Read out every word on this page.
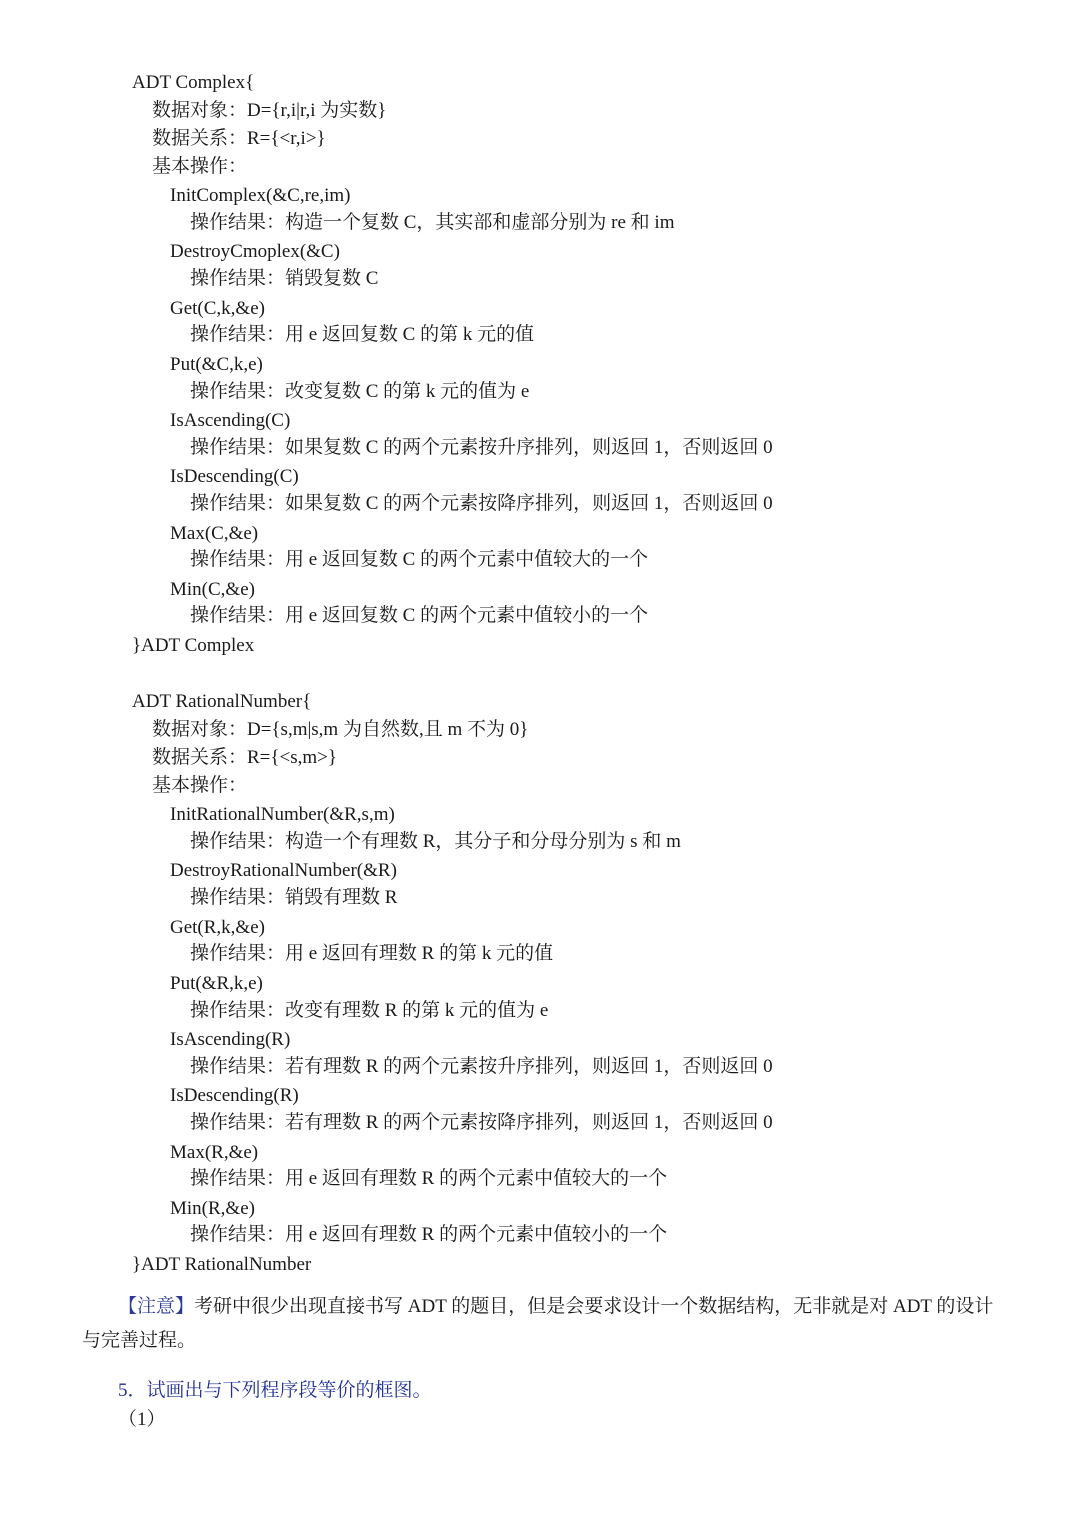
ADT Complex{
数据对象：D={r,i|r,i 为实数}
数据关系：R={<r,i>}
基本操作：
InitComplex(&C,re,im)
操作结果：构造一个复数 C，其实部和虚部分别为 re 和 im
DestroyCmoplex(&C)
操作结果：销毁复数 C
Get(C,k,&e)
操作结果：用 e 返回复数 C 的第 k 元的值
Put(&C,k,e)
操作结果：改变复数 C 的第 k 元的值为 e
IsAscending(C)
操作结果：如果复数 C 的两个元素按升序排列，则返回 1，否则返回 0
IsDescending(C)
操作结果：如果复数 C 的两个元素按降序排列，则返回 1，否则返回 0
Max(C,&e)
操作结果：用 e 返回复数 C 的两个元素中值较大的一个
Min(C,&e)
操作结果：用 e 返回复数 C 的两个元素中值较小的一个
}ADT Complex
ADT RationalNumber{
数据对象：D={s,m|s,m 为自然数,且 m 不为 0}
数据关系：R={<s,m>}
基本操作：
InitRationalNumber(&R,s,m)
操作结果：构造一个有理数 R，其分子和分母分别为 s 和 m
DestroyRationalNumber(&R)
操作结果：销毁有理数 R
Get(R,k,&e)
操作结果：用 e 返回有理数 R 的第 k 元的值
Put(&R,k,e)
操作结果：改变有理数 R 的第 k 元的值为 e
IsAscending(R)
操作结果：若有理数 R 的两个元素按升序排列，则返回 1，否则返回 0
IsDescending(R)
操作结果：若有理数 R 的两个元素按降序排列，则返回 1，否则返回 0
Max(R,&e)
操作结果：用 e 返回有理数 R 的两个元素中值较大的一个
Min(R,&e)
操作结果：用 e 返回有理数 R 的两个元素中值较小的一个
}ADT RationalNumber
【注意】考研中很少出现直接书写 ADT 的题目，但是会要求设计一个数据结构，无非就是对 ADT 的设计与完善过程。
5．试画出与下列程序段等价的框图。
（1）
